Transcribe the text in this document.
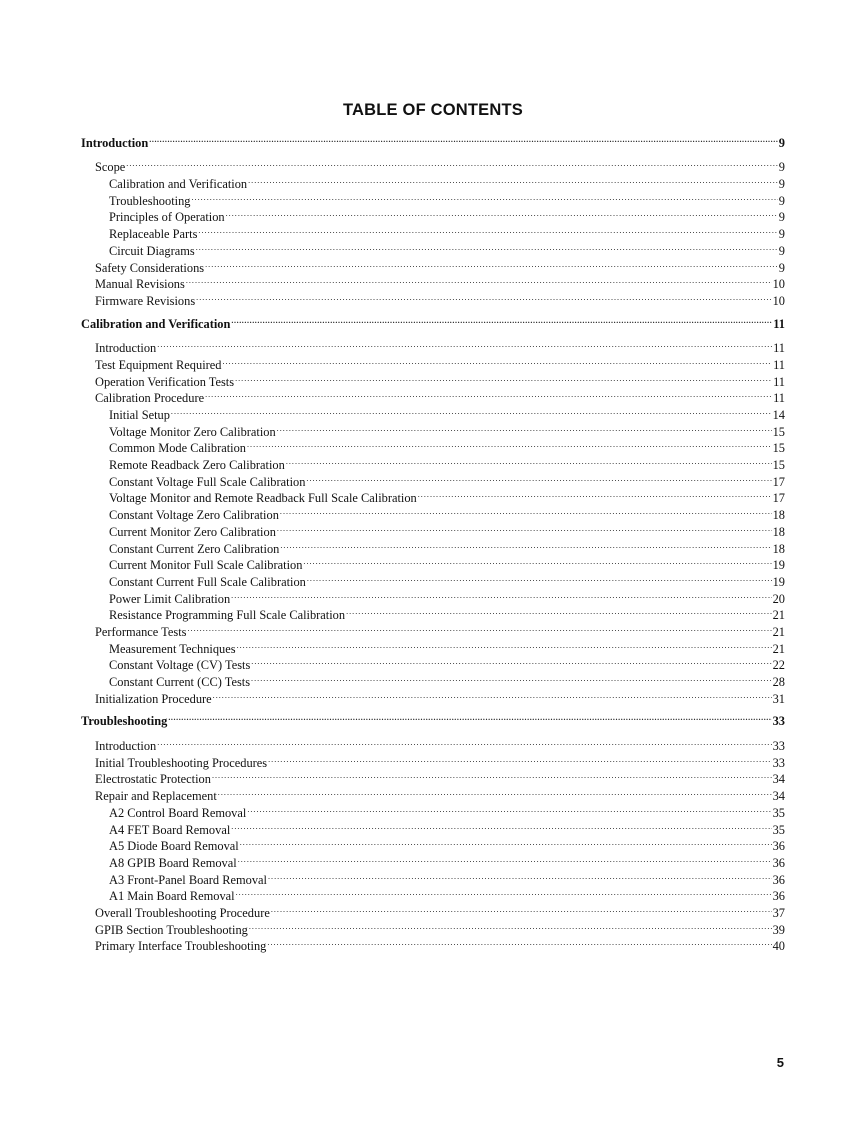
TABLE OF CONTENTS
Introduction .....	9
Scope .....	9
Calibration and Verification .....	9
Troubleshooting .....	9
Principles of Operation .....	9
Replaceable Parts .....	9
Circuit Diagrams .....	9
Safety Considerations .....	9
Manual Revisions .....	10
Firmware Revisions .....	10
Calibration and Verification .....	11
Introduction .....	11
Test Equipment Required .....	11
Operation Verification Tests .....	11
Calibration Procedure .....	11
Initial Setup .....	14
Voltage Monitor Zero Calibration .....	15
Common Mode Calibration .....	15
Remote Readback Zero Calibration .....	15
Constant Voltage Full Scale Calibration .....	17
Voltage Monitor and Remote Readback Full Scale Calibration .....	17
Constant Voltage Zero Calibration .....	18
Current Monitor Zero Calibration .....	18
Constant Current Zero Calibration .....	18
Current Monitor Full Scale Calibration .....	19
Constant Current Full Scale Calibration .....	19
Power Limit Calibration .....	20
Resistance Programming Full Scale Calibration .....	21
Performance Tests .....	21
Measurement Techniques .....	21
Constant Voltage (CV) Tests .....	22
Constant Current (CC) Tests .....	28
Initialization Procedure .....	31
Troubleshooting .....	33
Introduction .....	33
Initial Troubleshooting Procedures .....	33
Electrostatic Protection .....	34
Repair and Replacement .....	34
A2 Control Board Removal .....	35
A4 FET Board Removal .....	35
A5 Diode Board Removal .....	36
A8 GPIB Board Removal .....	36
A3 Front-Panel Board Removal .....	36
A1 Main Board Removal .....	36
Overall Troubleshooting Procedure .....	37
GPIB Section Troubleshooting .....	39
Primary Interface Troubleshooting .....	40
5
